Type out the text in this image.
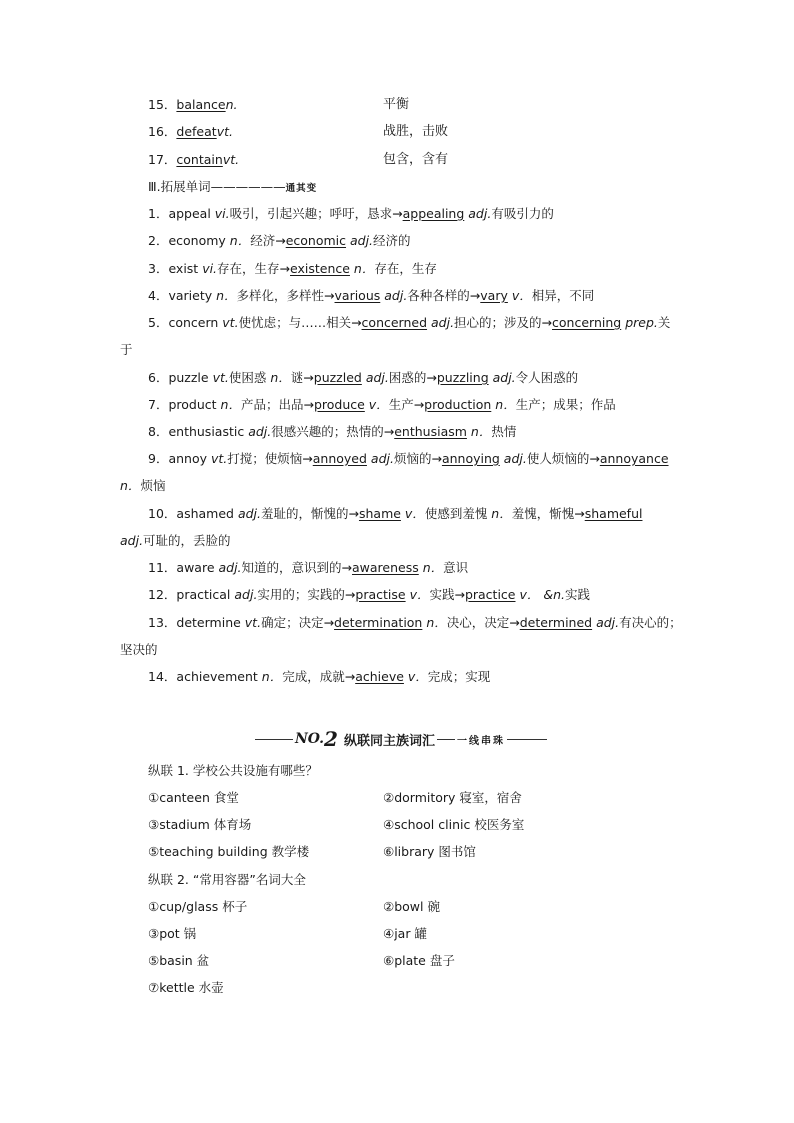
15．balancen.	平衡
16．defeatvt.	战胜，击败
17．containvt.	包含，含有
Ⅲ.拓展单词——————通其变
1．appeal vi.吸引，引起兴趣；呼吁，恳求→appealing adj.有吸引力的
2．economy n．经济→economic adj.经济的
3．exist vi.存在，生存→existence n．存在，生存
4．variety n．多样化，多样性→various adj.各种各样的→vary v．相异，不同
5．concern vt.使忧虑；与……相关→concerned adj.担心的；涉及的→concerning prep.关
于
6．puzzle vt.使困惑 n．谜→puzzled adj.困惑的→puzzling adj.令人困惑的
7．product n．产品；出品→produce v．生产→production n．生产；成果；作品
8．enthusiastic adj.很感兴趣的；热情的→enthusiasm n．热情
9．annoy vt.打搅；使烦恼→annoyed adj.烦恼的→annoying adj.使人烦恼的→annoyance
n．烦恼
10．ashamed adj.羞耻的，惭愧的→shame v．使感到羞愧 n．羞愧，惭愧→shameful
adj.可耻的，丢脸的
11．aware adj.知道的，意识到的→awareness n．意识
12．practical adj.实用的；实践的→practise v．实践→practice v． &n.实践
13．determine vt.确定；决定→determination n．决心，决定→determined adj.有决心的；
坚决的
14．achievement n．完成，成就→achieve v．完成；实现
NO. 2 纵联同主族词汇 一线串珠
纵联 1. 学校公共设施有哪些？
①canteen 食堂	②dormitory 寝室，宿舍
③stadium 体育场	④school clinic 校医务室
⑤teaching building 教学楼	⑥library 图书馆
纵联 2. “常用容器”名词大全
①cup/glass 杯子	②bowl 碗
③pot 锅	④jar 罐
⑤basin 盆	⑥plate 盘子
⑦kettle 水壶
